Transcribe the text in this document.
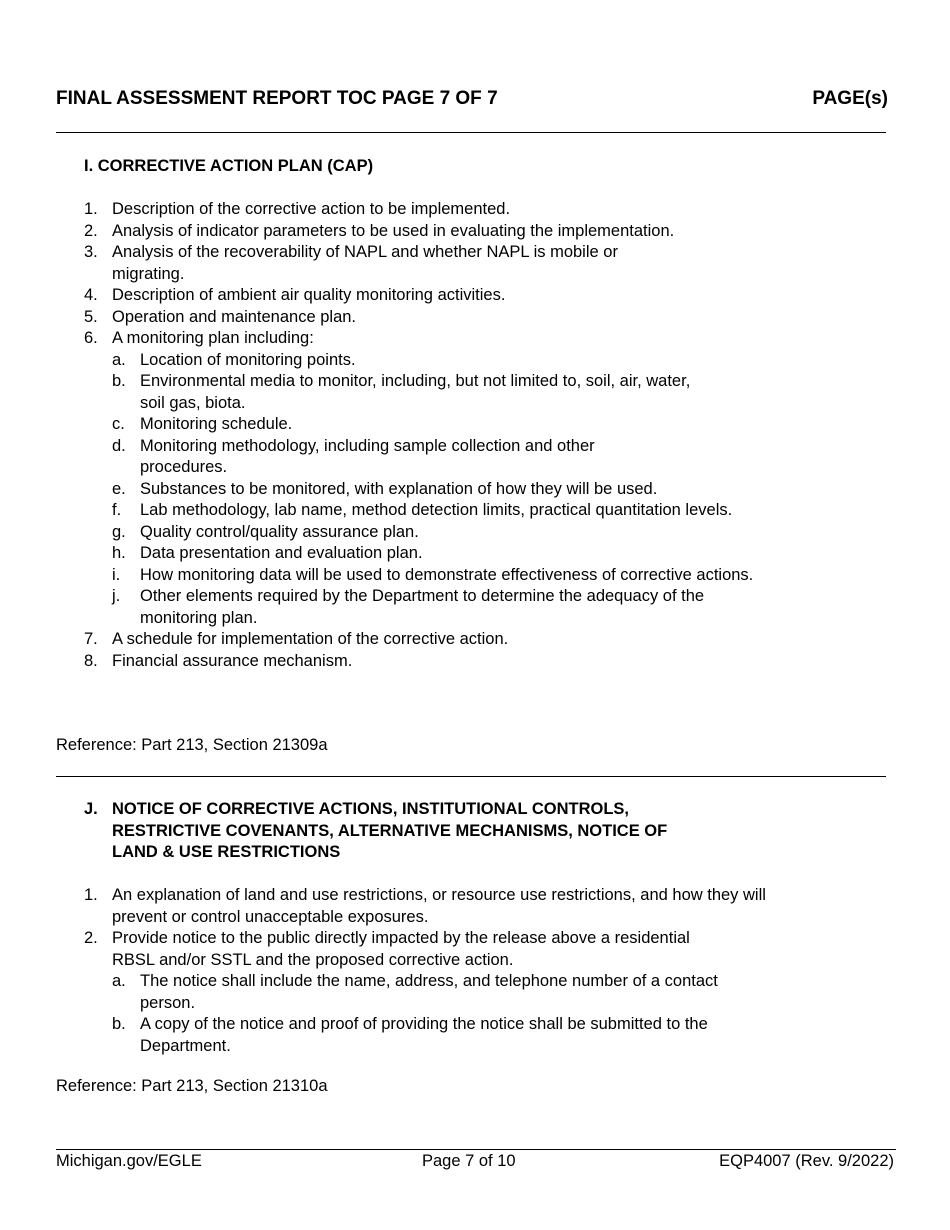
FINAL ASSESSMENT REPORT TOC PAGE 7 OF 7	PAGE(s)
I. CORRECTIVE ACTION PLAN (CAP)
1. Description of the corrective action to be implemented.
2. Analysis of indicator parameters to be used in evaluating the implementation.
3. Analysis of the recoverability of NAPL and whether NAPL is mobile or migrating.
4. Description of ambient air quality monitoring activities.
5. Operation and maintenance plan.
6. A monitoring plan including:
a. Location of monitoring points.
b. Environmental media to monitor, including, but not limited to, soil, air, water, soil gas, biota.
c. Monitoring schedule.
d. Monitoring methodology, including sample collection and other procedures.
e. Substances to be monitored, with explanation of how they will be used.
f. Lab methodology, lab name, method detection limits, practical quantitation levels.
g. Quality control/quality assurance plan.
h. Data presentation and evaluation plan.
i. How monitoring data will be used to demonstrate effectiveness of corrective actions.
j. Other elements required by the Department to determine the adequacy of the monitoring plan.
7. A schedule for implementation of the corrective action.
8. Financial assurance mechanism.
Reference: Part 213, Section 21309a
J. NOTICE OF CORRECTIVE ACTIONS, INSTITUTIONAL CONTROLS,
RESTRICTIVE COVENANTS, ALTERNATIVE MECHANISMS, NOTICE OF
LAND & USE RESTRICTIONS
1. An explanation of land and use restrictions, or resource use restrictions, and how they will prevent or control unacceptable exposures.
2. Provide notice to the public directly impacted by the release above a residential RBSL and/or SSTL and the proposed corrective action.
a. The notice shall include the name, address, and telephone number of a contact person.
b. A copy of the notice and proof of providing the notice shall be submitted to the Department.
Reference: Part 213, Section 21310a
Michigan.gov/EGLE	Page 7 of 10	EQP4007 (Rev. 9/2022)
